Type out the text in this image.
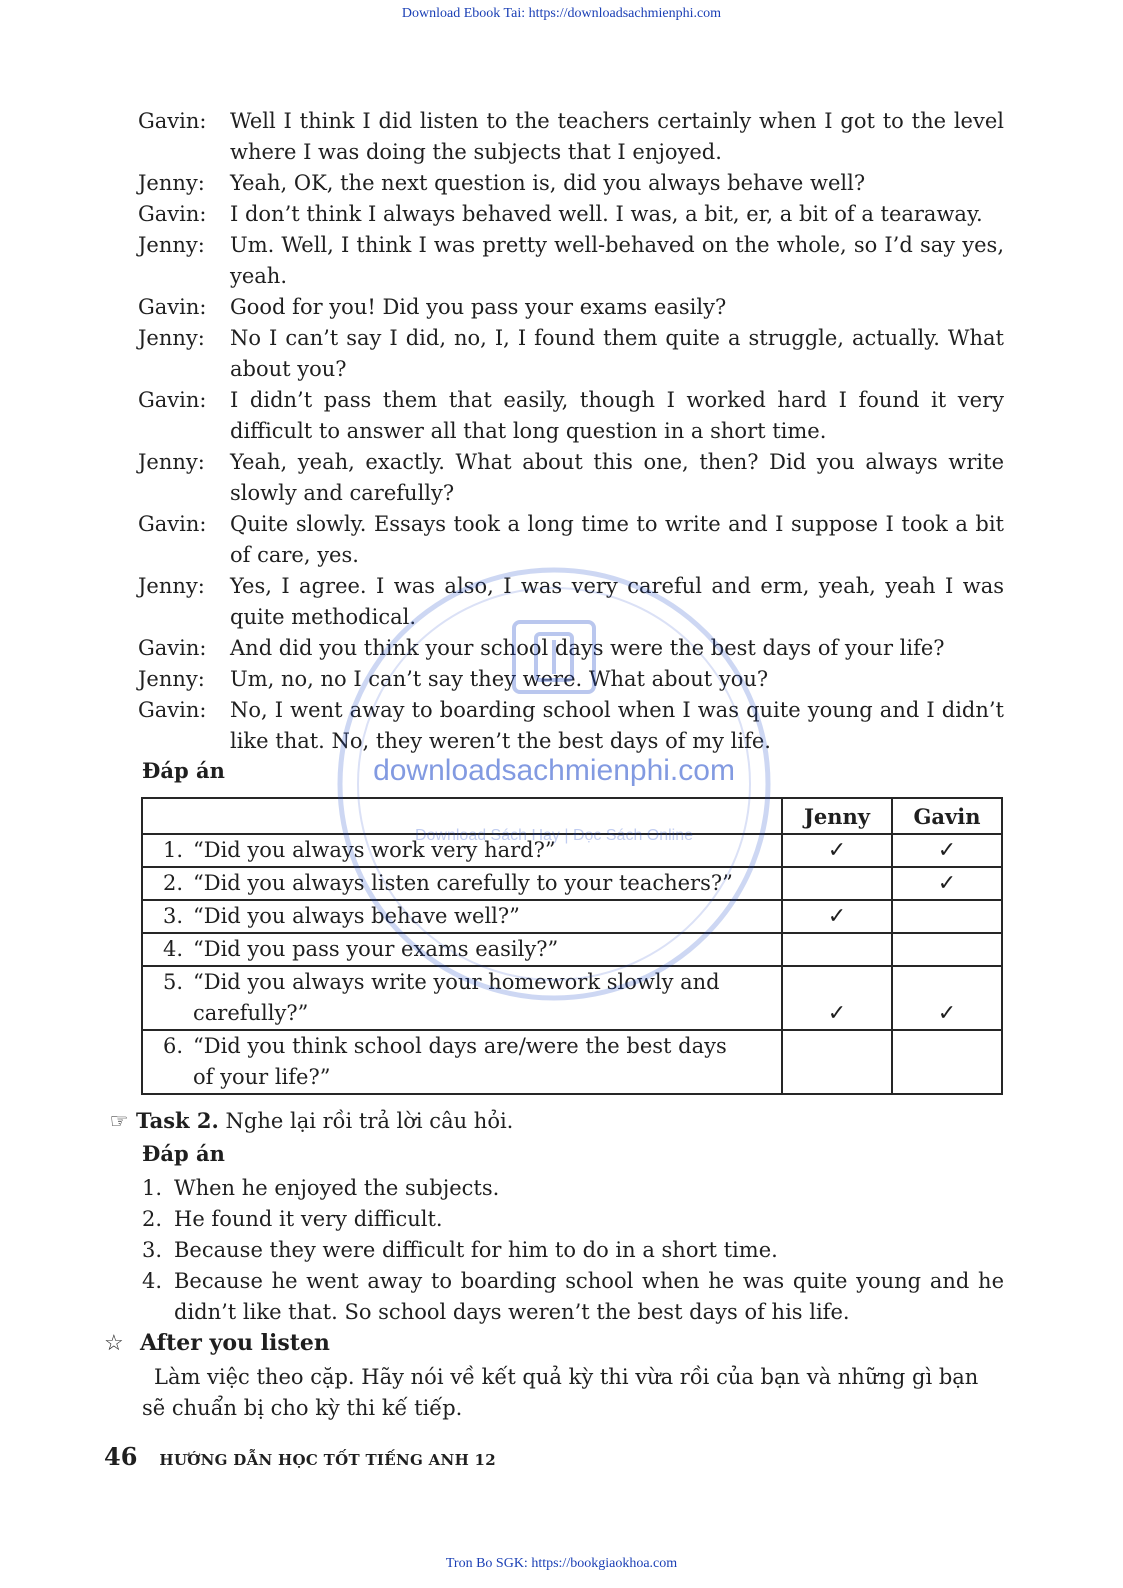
Download Ebook Tai: https://downloadsachmienphi.com
Gavin:	Well I think I did listen to the teachers certainly when I got to the level where I was doing the subjects that I enjoyed.
Jenny:	Yeah, OK, the next question is, did you always behave well?
Gavin:	I don’t think I always behaved well. I was, a bit, er, a bit of a tearaway.
Jenny:	Um. Well, I think I was pretty well-behaved on the whole, so I’d say yes, yeah.
Gavin:	Good for you! Did you pass your exams easily?
Jenny:	No I can’t say I did, no, I, I found them quite a struggle, actually. What about you?
Gavin:	I didn’t pass them that easily, though I worked hard I found it very difficult to answer all that long question in a short time.
Jenny:	Yeah, yeah, exactly. What about this one, then? Did you always write slowly and carefully?
Gavin:	Quite slowly. Essays took a long time to write and I suppose I took a bit of care, yes.
Jenny:	Yes, I agree. I was also, I was very careful and erm, yeah, yeah I was quite methodical.
Gavin:	And did you think your school days were the best days of your life?
Jenny:	Um, no, no I can’t say they were. What about you?
Gavin:	No, I went away to boarding school when I was quite young and I didn’t like that. No, they weren’t the best days of my life.
Đáp án
	Jenny	Gavin
1. “Did you always work very hard?”	✓	✓
2. “Did you always listen carefully to your teachers?”		✓
3. “Did you always behave well?”	✓	
4. “Did you pass your exams easily?”		
5. “Did you always write your homework slowly and
carefully?”	✓	✓
6. “Did you think school days are/were the best days
of your life?”		

☞ Task 2. Nghe lại rồi trả lời câu hỏi.
Đáp án
1. When he enjoyed the subjects.
2. He found it very difficult.
3. Because they were difficult for him to do in a short time.
4. Because he went away to boarding school when he was quite young and he didn’t like that. So school days weren’t the best days of his life.
☆ After you listen
Làm việc theo cặp. Hãy nói về kết quả kỳ thi vừa rồi của bạn và những gì bạn sẽ chuẩn bị cho kỳ thi kế tiếp.
46 HƯỚNG DẪN HỌC TỐT TIẾNG ANH 12
downloadsachmienphi.com
Download Sách Hay | Đọc Sách Online
Tron Bo SGK: https://bookgiaokhoa.com
